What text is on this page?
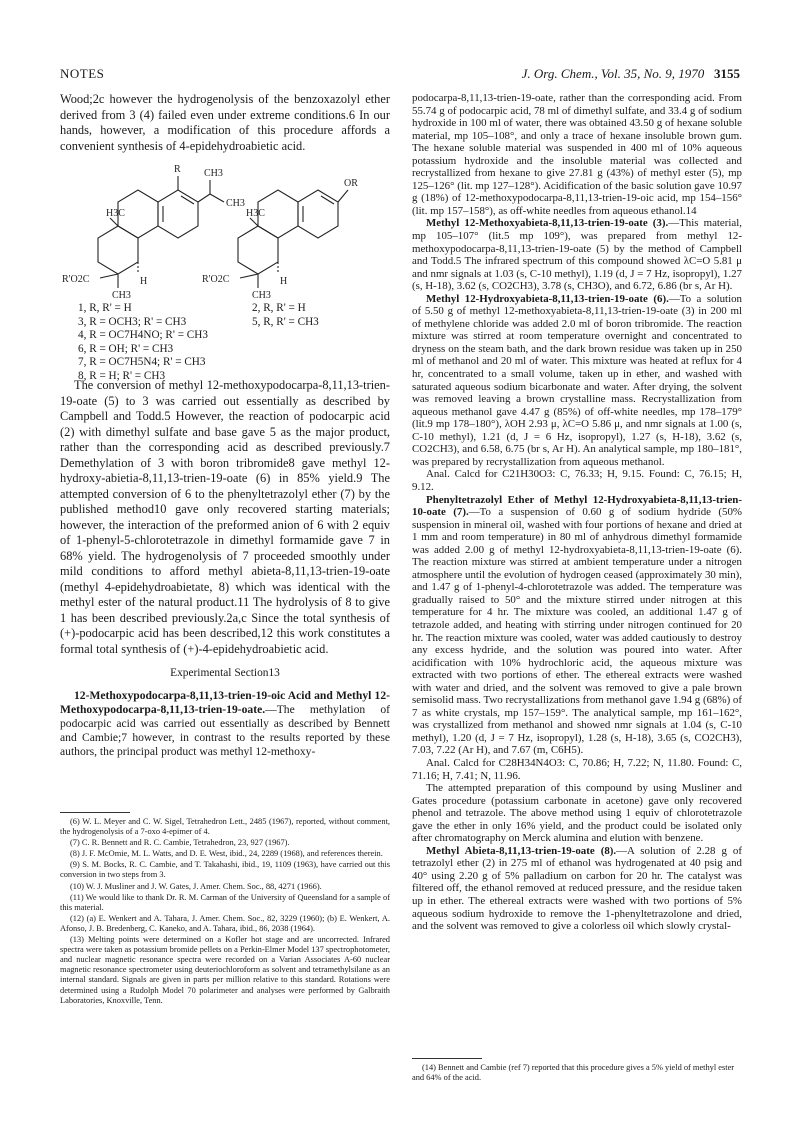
NOTES	J. Org. Chem., Vol. 35, No. 9, 1970 3155

Wood;2c however the hydrogenolysis of the benzoxazolyl ether derived from 3 (4) failed even under extreme conditions.6 In our hands, however, a modification of this procedure affords a convenient synthesis of 4-epidehydroabietic acid.

R CH3
H3C
CH3
R'O2C	H
CH3
OR
H3C
R'O2C	H
CH3
1, R, R' = H
3, R = OCH3; R' = CH3
4, R = OC7H4NO; R' = CH3
6, R = OH; R' = CH3
7, R = OC7H5N4; R' = CH3
8, R = H; R' = CH3
2, R, R' = H
5, R, R' = CH3

The conversion of methyl 12-methoxypodocarpa-8,11,13-trien-19-oate (5) to 3 was carried out essentially as described by Campbell and Todd.5 However, the reaction of podocarpic acid (2) with dimethyl sulfate and base gave 5 as the major product, rather than the corresponding acid as described previously.7 Demethylation of 3 with boron tribromide8 gave methyl 12-hydroxy-abietia-8,11,13-trien-19-oate (6) in 85% yield.9 The attempted conversion of 6 to the phenyltetrazolyl ether (7) by the published method10 gave only recovered starting materials; however, the interaction of the preformed anion of 6 with 2 equiv of 1-phenyl-5-chlorotetrazole in dimethyl formamide gave 7 in 68% yield. The hydrogenolysis of 7 proceeded smoothly under mild conditions to afford methyl abieta-8,11,13-trien-19-oate (methyl 4-epidehydroabietate, 8) which was identical with the methyl ester of the natural product.11 The hydrolysis of 8 to give 1 has been described previously.2a,c Since the total synthesis of (+)-podocarpic acid has been described,12 this work constitutes a formal total synthesis of (+)-4-epidehydroabietic acid.

Experimental Section13

12-Methoxypodocarpa-8,11,13-trien-19-oic Acid and Methyl 12-Methoxypodocarpa-8,11,13-trien-19-oate.—The methylation of podocarpic acid was carried out essentially as described by Bennett and Cambie;7 however, in contrast to the results reported by these authors, the principal product was methyl 12-methoxy-

(6) W. L. Meyer and C. W. Sigel, Tetrahedron Lett., 2485 (1967), reported, without comment, the hydrogenolysis of a 7-oxo 4-epimer of 4.

(7) C. R. Bennett and R. C. Cambie, Tetrahedron, 23, 927 (1967).

(8) J. F. McOmie, M. L. Watts, and D. E. West, ibid., 24, 2289 (1968), and references therein.

(9) S. M. Bocks, R. C. Cambie, and T. Takahashi, ibid., 19, 1109 (1963), have carried out this conversion in two steps from 3.

(10) W. J. Musliner and J. W. Gates, J. Amer. Chem. Soc., 88, 4271 (1966).

(11) We would like to thank Dr. R. M. Carman of the University of Queensland for a sample of this material.

(12) (a) E. Wenkert and A. Tahara, J. Amer. Chem. Soc., 82, 3229 (1960); (b) E. Wenkert, A. Afonso, J. B. Bredenberg, C. Kaneko, and A. Tahara, ibid., 86, 2038 (1964).

(13) Melting points were determined on a Kofler hot stage and are uncorrected. Infrared spectra were taken as potassium bromide pellets on a Perkin-Elmer Model 137 spectrophotometer, and nuclear magnetic resonance spectra were recorded on a Varian Associates A-60 nuclear magnetic resonance spectrometer using deuteriochloroform as solvent and tetramethylsilane as an internal standard. Signals are given in parts per million relative to this standard. Rotations were determined using a Rudolph Model 70 polarimeter and analyses were performed by Galbraith Laboratories, Knoxville, Tenn.

podocarpa-8,11,13-trien-19-oate, rather than the corresponding acid. From 55.74 g of podocarpic acid, 78 ml of dimethyl sulfate, and 33.4 g of sodium hydroxide in 100 ml of water, there was obtained 43.50 g of hexane soluble material, mp 105–108°, and only a trace of hexane insoluble brown gum. The hexane soluble material was suspended in 400 ml of 10% aqueous potassium hydroxide and the insoluble material was collected and recrystallized from hexane to give 27.81 g (43%) of methyl ester (5), mp 125–126° (lit. mp 127–128°). Acidification of the basic solution gave 10.97 g (18%) of 12-methoxypodocarpa-8,11,13-trien-19-oic acid, mp 154–156° (lit. mp 157–158°), as off-white needles from aqueous ethanol.14

Methyl 12-Methoxyabieta-8,11,13-trien-19-oate (3).—This material, mp 105–107° (lit.5 mp 109°), was prepared from methyl 12-methoxypodocarpa-8,11,13-trien-19-oate (5) by the method of Campbell and Todd.5 The infrared spectrum of this compound showed λC=O 5.81 μ and nmr signals at 1.03 (s, C-10 methyl), 1.19 (d, J = 7 Hz, isopropyl), 1.27 (s, H-18), 3.62 (s, CO2CH3), 3.78 (s, CH3O), and 6.72, 6.86 (br s, Ar H).

Methyl 12-Hydroxyabieta-8,11,13-trien-19-oate (6).—To a solution of 5.50 g of methyl 12-methoxyabieta-8,11,13-trien-19-oate (3) in 200 ml of methylene chloride was added 2.0 ml of boron tribromide. The reaction mixture was stirred at room temperature overnight and concentrated to dryness on the steam bath, and the dark brown residue was taken up in 250 ml of methanol and 20 ml of water. This mixture was heated at reflux for 4 hr, concentrated to a small volume, taken up in ether, and washed with saturated aqueous sodium bicarbonate and water. After drying, the solvent was removed leaving a brown crystalline mass. Recrystallization from aqueous methanol gave 4.47 g (85%) of off-white needles, mp 178–179° (lit.9 mp 178–180°), λOH 2.93 μ, λC=O 5.86 μ, and nmr signals at 1.00 (s, C-10 methyl), 1.21 (d, J = 6 Hz, isopropyl), 1.27 (s, H-18), 3.62 (s, CO2CH3), and 6.58, 6.75 (br s, Ar H). An analytical sample, mp 180–181°, was prepared by recrystallization from aqueous methanol.

Anal. Calcd for C21H30O3: C, 76.33; H, 9.15. Found: C, 76.15; H, 9.12.

Phenyltetrazolyl Ether of Methyl 12-Hydroxyabieta-8,11,13-trien-10-oate (7).—To a suspension of 0.60 g of sodium hydride (50% suspension in mineral oil, washed with four portions of hexane and dried at 1 mm and room temperature) in 80 ml of anhydrous dimethyl formamide was added 2.00 g of methyl 12-hydroxyabieta-8,11,13-trien-19-oate (6). The reaction mixture was stirred at ambient temperature under a nitrogen atmosphere until the evolution of hydrogen ceased (approximately 30 min), and 1.47 g of 1-phenyl-4-chlorotetrazole was added. The temperature was gradually raised to 50° and the mixture stirred under nitrogen at this temperature for 4 hr. The mixture was cooled, an additional 1.47 g of tetrazole added, and heating with stirring under nitrogen continued for 20 hr. The reaction mixture was cooled, water was added cautiously to destroy any excess hydride, and the solution was poured into water. After acidification with 10% hydrochloric acid, the aqueous mixture was extracted with two portions of ether. The ethereal extracts were washed with water and dried, and the solvent was removed to give a pale brown semisolid mass. Two recrystallizations from methanol gave 1.94 g (68%) of 7 as white crystals, mp 157–159°. The analytical sample, mp 161–162°, was crystallized from methanol and showed nmr signals at 1.04 (s, C-10 methyl), 1.20 (d, J = 7 Hz, isopropyl), 1.28 (s, H-18), 3.65 (s, CO2CH3), 7.03, 7.22 (Ar H), and 7.67 (m, C6H5).

Anal. Calcd for C28H34N4O3: C, 70.86; H, 7.22; N, 11.80. Found: C, 71.16; H, 7.41; N, 11.96.

The attempted preparation of this compound by using Musliner and Gates procedure (potassium carbonate in acetone) gave only recovered phenol and tetrazole. The above method using 1 equiv of chlorotetrazole gave the ether in only 16% yield, and the product could be isolated only after chromatography on Merck alumina and elution with benzene.

Methyl Abieta-8,11,13-trien-19-oate (8).—A solution of 2.28 g of tetrazolyl ether (2) in 275 ml of ethanol was hydrogenated at 40 psig and 40° using 2.20 g of 5% palladium on carbon for 20 hr. The catalyst was filtered off, the ethanol removed at reduced pressure, and the residue taken up in ether. The ethereal extracts were washed with two portions of 5% aqueous sodium hydroxide to remove the 1-phenyltetrazolone and dried, and the solvent was removed to give a colorless oil which slowly crystal-

(14) Bennett and Cambie (ref 7) reported that this procedure gives a 5% yield of methyl ester and 64% of the acid.
